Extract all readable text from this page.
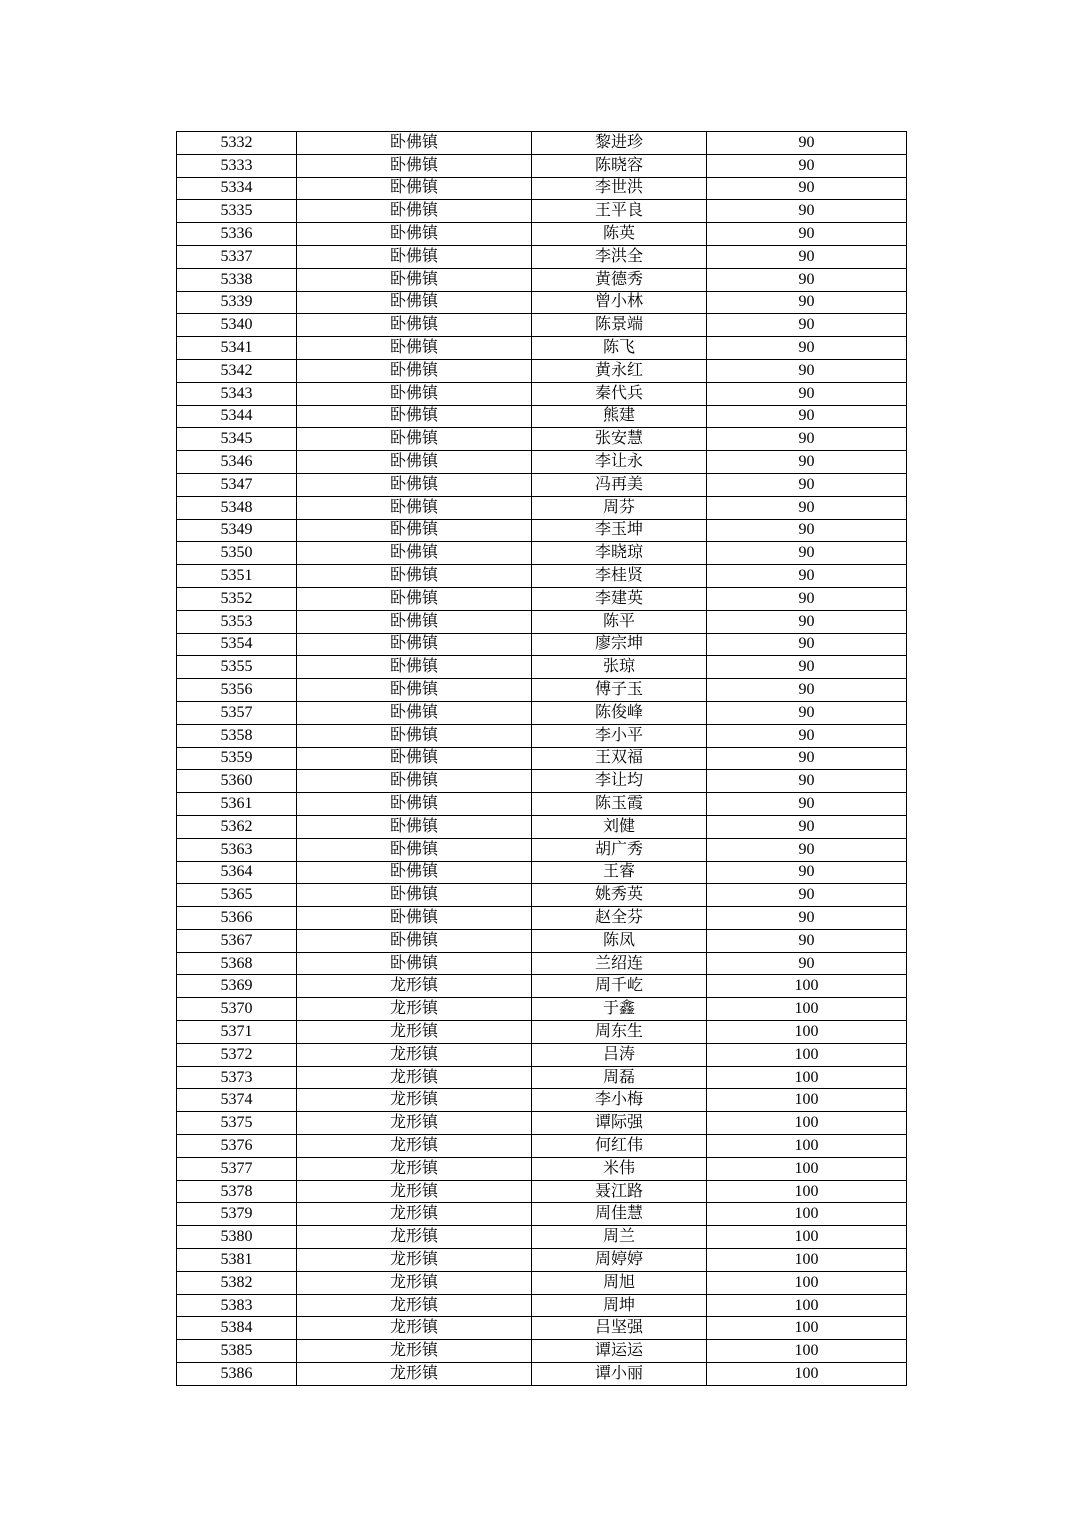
5332	卧佛镇	黎进珍	90
5333	卧佛镇	陈晓容	90
5334	卧佛镇	李世洪	90
5335	卧佛镇	王平良	90
5336	卧佛镇	陈英	90
5337	卧佛镇	李洪全	90
5338	卧佛镇	黄德秀	90
5339	卧佛镇	曾小林	90
5340	卧佛镇	陈景端	90
5341	卧佛镇	陈飞	90
5342	卧佛镇	黄永红	90
5343	卧佛镇	秦代兵	90
5344	卧佛镇	熊建	90
5345	卧佛镇	张安慧	90
5346	卧佛镇	李让永	90
5347	卧佛镇	冯再美	90
5348	卧佛镇	周芬	90
5349	卧佛镇	李玉坤	90
5350	卧佛镇	李晓琼	90
5351	卧佛镇	李桂贤	90
5352	卧佛镇	李建英	90
5353	卧佛镇	陈平	90
5354	卧佛镇	廖宗坤	90
5355	卧佛镇	张琼	90
5356	卧佛镇	傅子玉	90
5357	卧佛镇	陈俊峰	90
5358	卧佛镇	李小平	90
5359	卧佛镇	王双福	90
5360	卧佛镇	李让均	90
5361	卧佛镇	陈玉霞	90
5362	卧佛镇	刘健	90
5363	卧佛镇	胡广秀	90
5364	卧佛镇	王睿	90
5365	卧佛镇	姚秀英	90
5366	卧佛镇	赵全芬	90
5367	卧佛镇	陈凤	90
5368	卧佛镇	兰绍连	90
5369	龙形镇	周千屹	100
5370	龙形镇	于鑫	100
5371	龙形镇	周东生	100
5372	龙形镇	吕涛	100
5373	龙形镇	周磊	100
5374	龙形镇	李小梅	100
5375	龙形镇	谭际强	100
5376	龙形镇	何红伟	100
5377	龙形镇	米伟	100
5378	龙形镇	聂江路	100
5379	龙形镇	周佳慧	100
5380	龙形镇	周兰	100
5381	龙形镇	周婷婷	100
5382	龙形镇	周旭	100
5383	龙形镇	周坤	100
5384	龙形镇	吕坚强	100
5385	龙形镇	谭运运	100
5386	龙形镇	谭小丽	100
